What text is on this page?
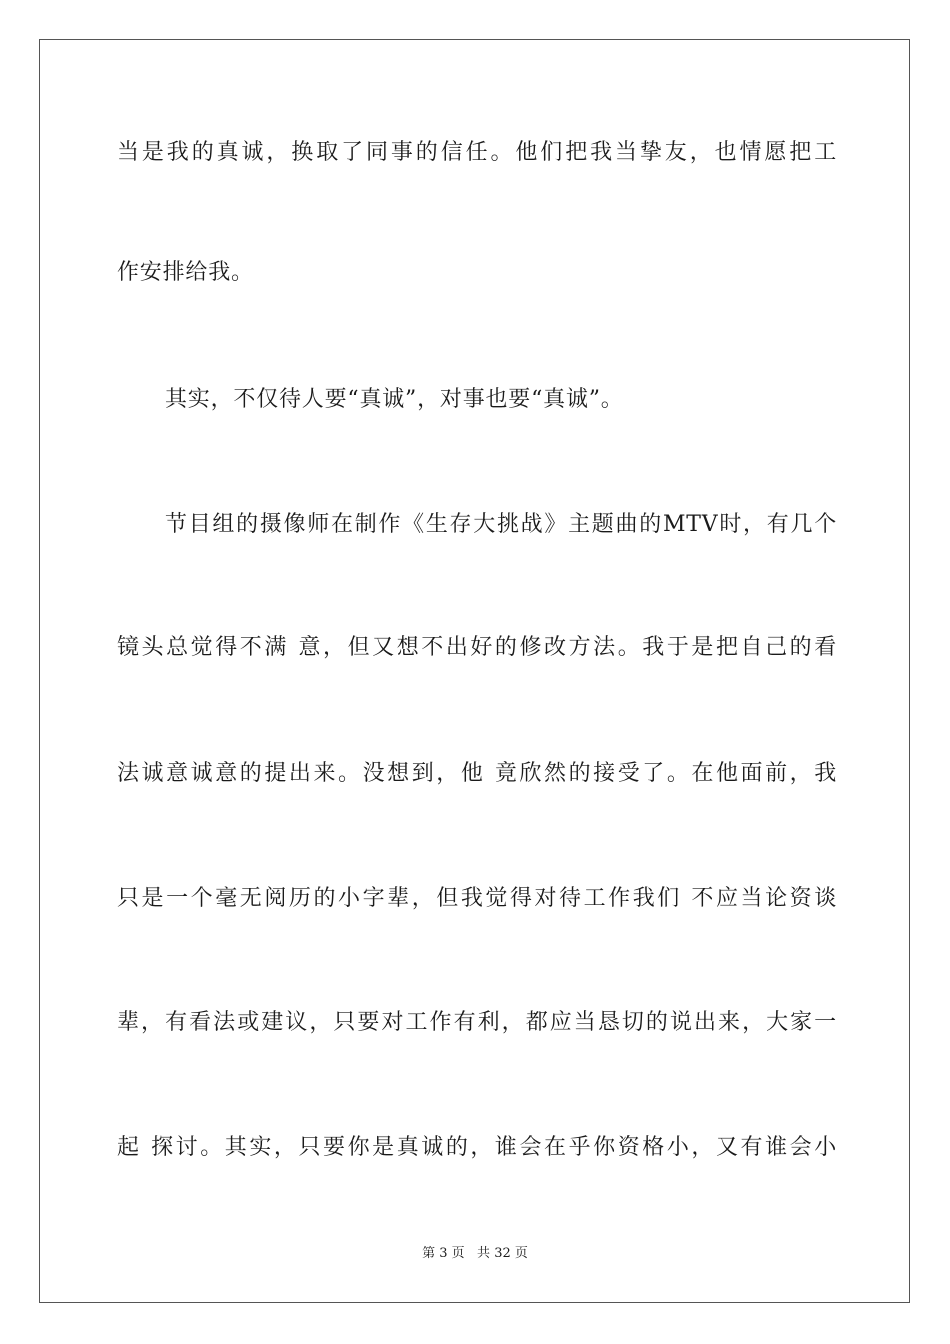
当是我的真诚，换取了同事的信任。他们把我当挚友，也情愿把工
作安排给我。
其实，不仅待人要“真诚”，对事也要“真诚”。
节目组的摄像师在制作《生存大挑战》主题曲的MTV时，有几个
镜头总觉得不满 意，但又想不出好的修改方法。我于是把自己的看
法诚意诚意的提出来。没想到，他 竟欣然的接受了。在他面前，我
只是一个毫无阅历的小字辈，但我觉得对待工作我们 不应当论资谈
辈，有看法或建议，只要对工作有利，都应当恳切的说出来，大家一
起 探讨。其实，只要你是真诚的，谁会在乎你资格小，又有谁会小
第 3 页   共 32 页
